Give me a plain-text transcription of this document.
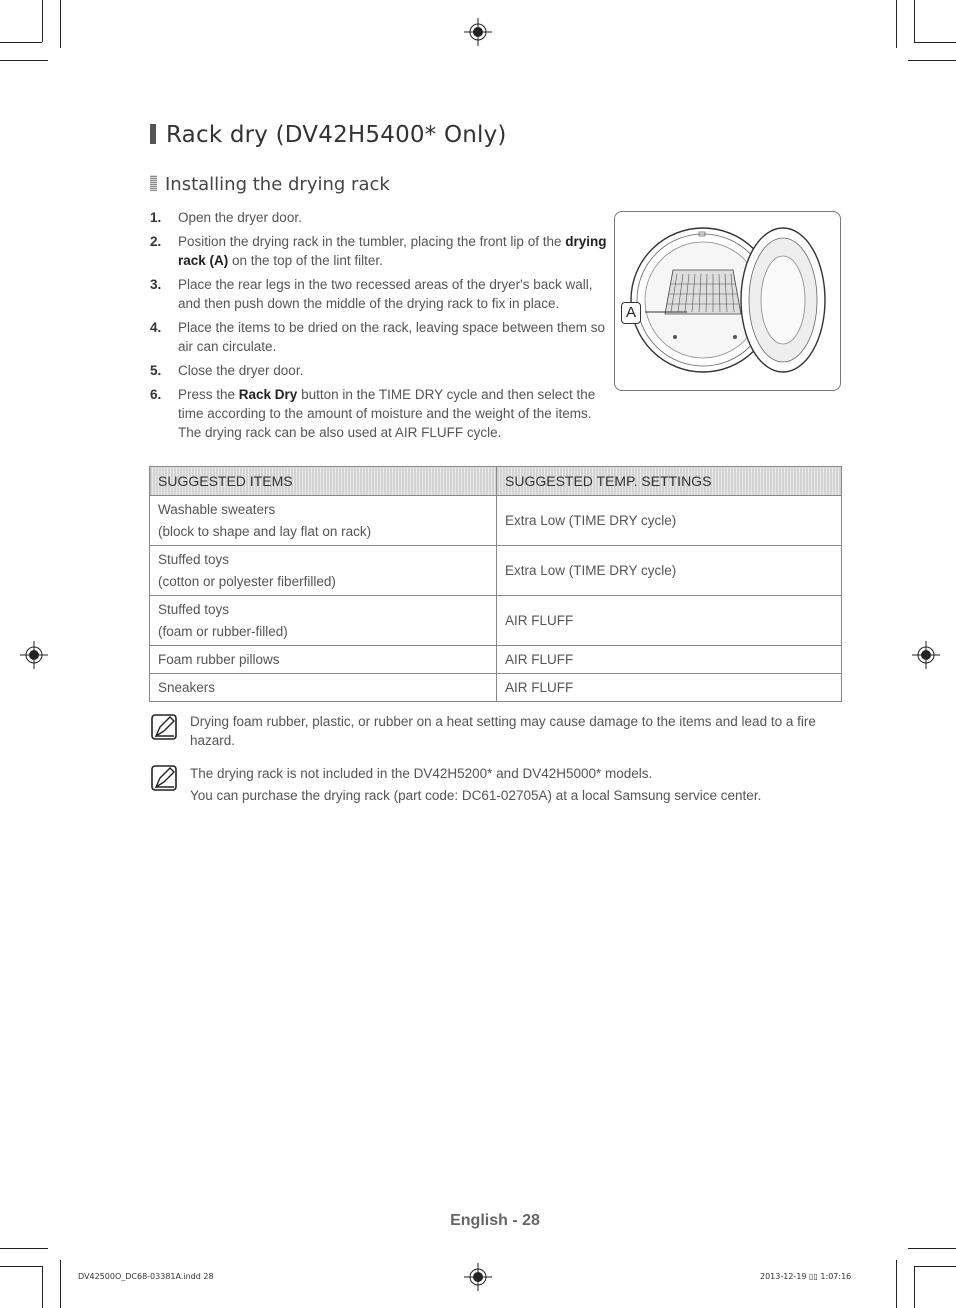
Rack dry (DV42H5400* Only)
Installing the drying rack
1.	Open the dryer door.
2.	Position the drying rack in the tumbler, placing the front lip of the drying rack (A) on the top of the lint filter.
3.	Place the rear legs in the two recessed areas of the dryer's back wall, and then push down the middle of the drying rack to fix in place.
4.	Place the items to be dried on the rack, leaving space between them so air can circulate.
5.	Close the dryer door.
6.	Press the Rack Dry button in the TIME DRY cycle and then select the time according to the amount of moisture and the weight of the items.
The drying rack can be also used at AIR FLUFF cycle.
A
SUGGESTED ITEMS	SUGGESTED TEMP. SETTINGS
Washable sweaters
(block to shape and lay flat on rack)	Extra Low (TIME DRY cycle)
Stuffed toys
(cotton or polyester fiberfilled)	Extra Low (TIME DRY cycle)
Stuffed toys
(foam or rubber-filled)	AIR FLUFF
Foam rubber pillows	AIR FLUFF
Sneakers	AIR FLUFF
Drying foam rubber, plastic, or rubber on a heat setting may cause damage to the items and lead to a fire hazard.
The drying rack is not included in the DV42H5200* and DV42H5000* models.
You can purchase the drying rack (part code: DC61-02705A) at a local Samsung service center.
English - 28
DV42500O_DC68-03381A.indd 28	2013-12-19 ▯▯ 1:07:16
